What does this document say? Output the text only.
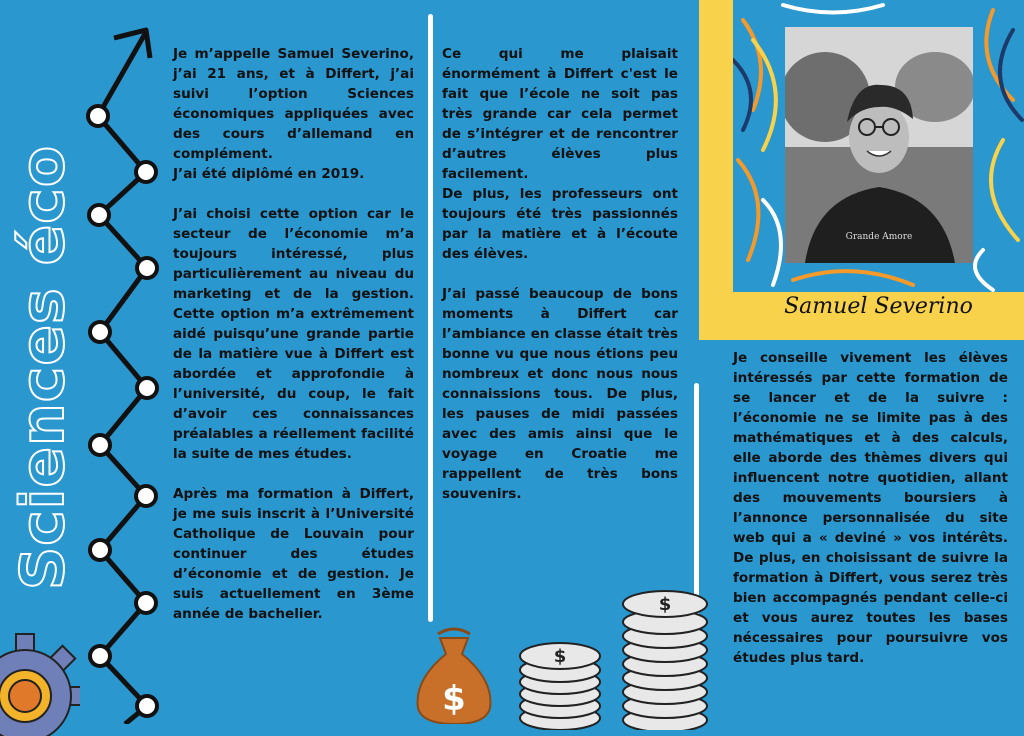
Sciences éco

Je m’appelle Samuel Severino, j’ai 21 ans, et à Differt, j’ai suivi l’option Sciences économiques appliquées avec des cours d’allemand en complément.

J’ai été diplômé en 2019.

J’ai choisi cette option car le secteur de l’économie m’a toujours intéressé, plus particulièrement au niveau du marketing et de la gestion. Cette option m’a extrêmement aidé puisqu’une grande partie de la matière vue à Differt est abordée et approfondie à l’université, du coup, le fait d’avoir ces connaissances préalables a réellement facilité la suite de mes études.

Après ma formation à Differt, je me suis inscrit à l’Université Catholique de Louvain pour continuer des études d’économie et de gestion. Je suis actuellement en 3ème année de bachelier.

Ce qui me plaisait énormément à Differt c'est le fait que l’école ne soit pas très grande car cela permet de s’intégrer et de rencontrer d’autres élèves plus facilement.

De plus, les professeurs ont toujours été très passionnés par la matière et à l’écoute des élèves.

J’ai passé beaucoup de bons moments à Differt car l’ambiance en classe était très bonne vu que nous étions peu nombreux et donc nous nous connaissions tous. De plus, les pauses de midi passées avec des amis ainsi que le voyage en Croatie me rappellent de très bons souvenirs.

$
$
$
Grande Amore
Samuel Severino

Je conseille vivement les élèves intéressés par cette formation de se lancer et de la suivre : l’économie ne se limite pas à des mathématiques et à des calculs, elle aborde des thèmes divers qui influencent notre quotidien, allant des mouvements boursiers à l’annonce personnalisée du site web qui a « deviné » vos intérêts. De plus, en choisissant de suivre la formation à Differt, vous serez très bien accompagnés pendant celle-ci et vous aurez toutes les bases nécessaires pour poursuivre vos études plus tard.
